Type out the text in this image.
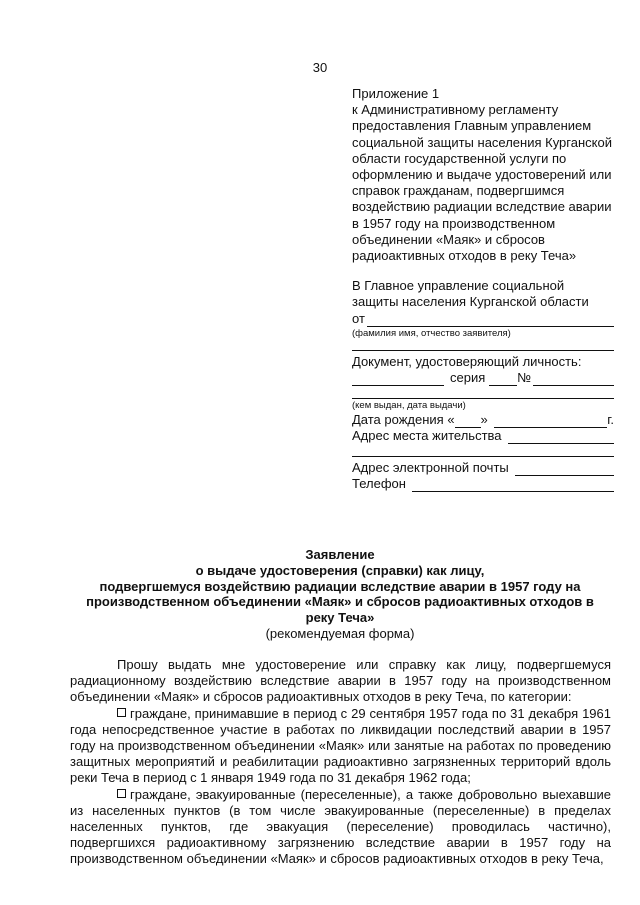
30
Приложение 1
к Административному регламенту
предоставления Главным управлением
социальной защиты населения Курганской
области государственной услуги по
оформлению и выдаче удостоверений или
справок гражданам, подвергшимся
воздействию радиации вследствие аварии
в 1957 году на производственном
объединении «Маяк» и сбросов
радиоактивных отходов в реку Теча»
В Главное управление социальной
защиты населения Курганской области
от
(фамилия имя, отчество заявителя)
Документ, удостоверяющий личность:
серия №
(кем выдан, дата выдачи)
Дата рождения « »	г.
Адрес места жительства
Адрес электронной почты
Телефон
Заявление
о выдаче удостоверения (справки) как лицу,
подвергшемуся воздействию радиации вследствие аварии в 1957 году на
производственном объединении «Маяк» и сбросов радиоактивных отходов в
реку Теча»
(рекомендуемая форма)

Прошу выдать мне удостоверение или справку как лицу, подвергшемуся радиационному воздействию вследствие аварии в 1957 году на производственном объединении «Маяк» и сбросов радиоактивных отходов в реку Теча, по категории:

граждане, принимавшие в период с 29 сентября 1957 года по 31 декабря 1961 года непосредственное участие в работах по ликвидации последствий аварии в 1957 году на производственном объединении «Маяк» или занятые на работах по проведению защитных мероприятий и реабилитации радиоактивно загрязненных территорий вдоль реки Теча в период с 1 января 1949 года по 31 декабря 1962 года;

граждане, эвакуированные (переселенные), а также добровольно выехавшие из населенных пунктов (в том числе эвакуированные (переселенные) в пределах населенных пунктов, где эвакуация (переселение) проводилась частично), подвергшихся радиоактивному загрязнению вследствие аварии в 1957 году на производственном объединении «Маяк» и сбросов радиоактивных отходов в реку Теча,
